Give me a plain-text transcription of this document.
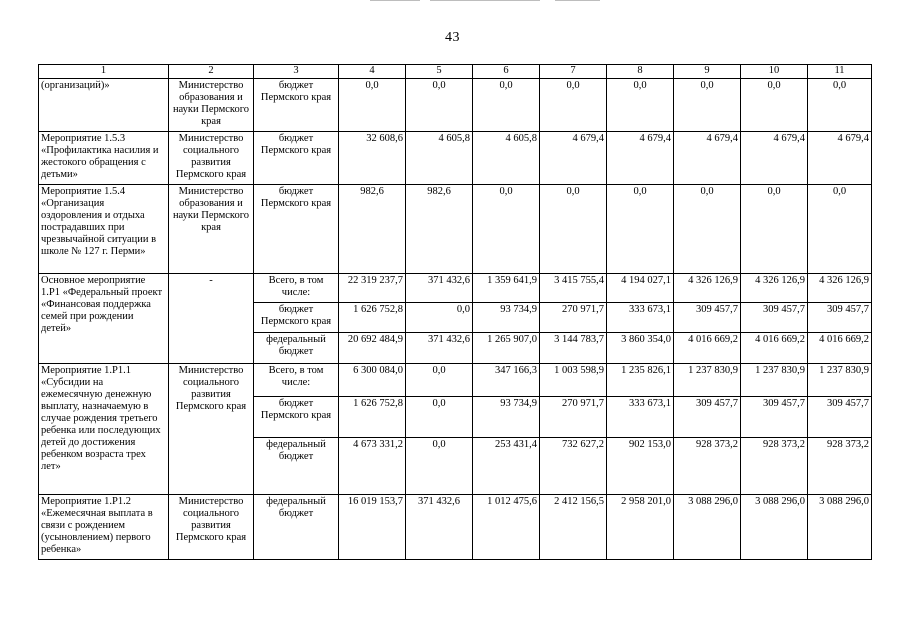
43
1	2	3	4	5	6	7	8	9	10	11
(организаций)»	Министерство образования и науки Пермского края	бюджет Пермского края	0,0	0,0	0,0	0,0	0,0	0,0	0,0	0,0
Мероприятие 1.5.3 «Профилактика насилия и жестокого обращения с детьми»	Министерство социального развития Пермского края	бюджет Пермского края	32 608,6	4 605,8	4 605,8	4 679,4	4 679,4	4 679,4	4 679,4	4 679,4
Мероприятие 1.5.4 «Организация оздоровления и отдыха пострадавших при чрезвычайной ситуации в школе № 127 г. Перми»	Министерство образования и науки Пермского края	бюджет Пермского края	982,6	982,6	0,0	0,0	0,0	0,0	0,0	0,0
Основное мероприятие 1.Р1 «Федеральный проект «Финансовая поддержка семей при рождении детей»	-	Всего, в том числе:	22 319 237,7	371 432,6	1 359 641,9	3 415 755,4	4 194 027,1	4 326 126,9	4 326 126,9	4 326 126,9
		бюджет Пермского края	1 626 752,8	0,0	93 734,9	270 971,7	333 673,1	309 457,7	309 457,7	309 457,7
		федеральный бюджет	20 692 484,9	371 432,6	1 265 907,0	3 144 783,7	3 860 354,0	4 016 669,2	4 016 669,2	4 016 669,2
Мероприятие 1.Р1.1 «Субсидии на ежемесячную денежную выплату, назначаемую в случае рождения третьего ребенка или последующих детей до достижения ребенком возраста трех лет»	Министерство социального развития Пермского края	Всего, в том числе:	6 300 084,0	0,0	347 166,3	1 003 598,9	1 235 826,1	1 237 830,9	1 237 830,9	1 237 830,9
		бюджет Пермского края	1 626 752,8	0,0	93 734,9	270 971,7	333 673,1	309 457,7	309 457,7	309 457,7
		федеральный бюджет	4 673 331,2	0,0	253 431,4	732 627,2	902 153,0	928 373,2	928 373,2	928 373,2
Мероприятие 1.Р1.2 «Ежемесячная выплата в связи с рождением (усыновлением) первого ребенка»	Министерство социального развития Пермского края	федеральный бюджет	16 019 153,7	371 432,6	1 012 475,6	2 412 156,5	2 958 201,0	3 088 296,0	3 088 296,0	3 088 296,0
